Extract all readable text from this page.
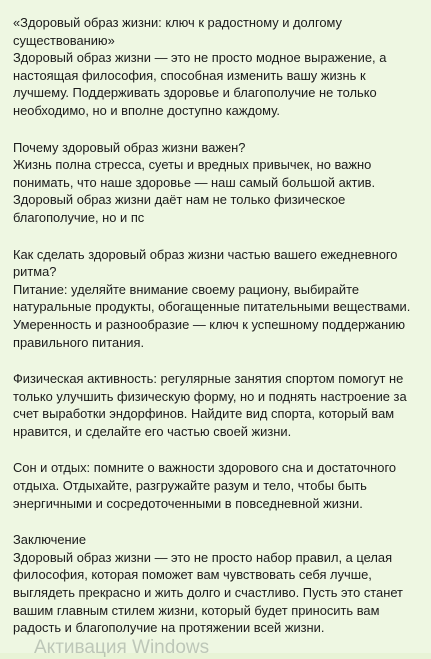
«Здоровый образ жизни: ключ к радостному и долгому существованию»
Здоровый образ жизни — это не просто модное выражение, а настоящая философия, способная изменить вашу жизнь к лучшему. Поддерживать здоровье и благополучие не только необходимо, но и вполне доступно каждому.

Почему здоровый образ жизни важен?
Жизнь полна стресса, суеты и вредных привычек, но важно понимать, что наше здоровье — наш самый большой актив. Здоровый образ жизни даёт нам не только физическое благополучие, но и пс

Как сделать здоровый образ жизни частью вашего ежедневного ритма?
Питание: уделяйте внимание своему рациону, выбирайте натуральные продукты, обогащенные питательными веществами. Умеренность и разнообразие — ключ к успешному поддержанию правильного питания.

Физическая активность: регулярные занятия спортом помогут не только улучшить физическую форму, но и поднять настроение за счет выработки эндорфинов. Найдите вид спорта, который вам нравится, и сделайте его частью своей жизни.

Сон и отдых: помните о важности здорового сна и достаточного отдыха. Отдыхайте, разгружайте разум и тело, чтобы быть энергичными и сосредоточенными в повседневной жизни.

Заключение
Здоровый образ жизни — это не просто набор правил, а целая философия, которая поможет вам чувствовать себя лучше, выглядеть прекрасно и жить долго и счастливо. Пусть это станет вашим главным стилем жизни, который будет приносить вам радость и благополучие на протяжении всей жизни.

Активация Windows
